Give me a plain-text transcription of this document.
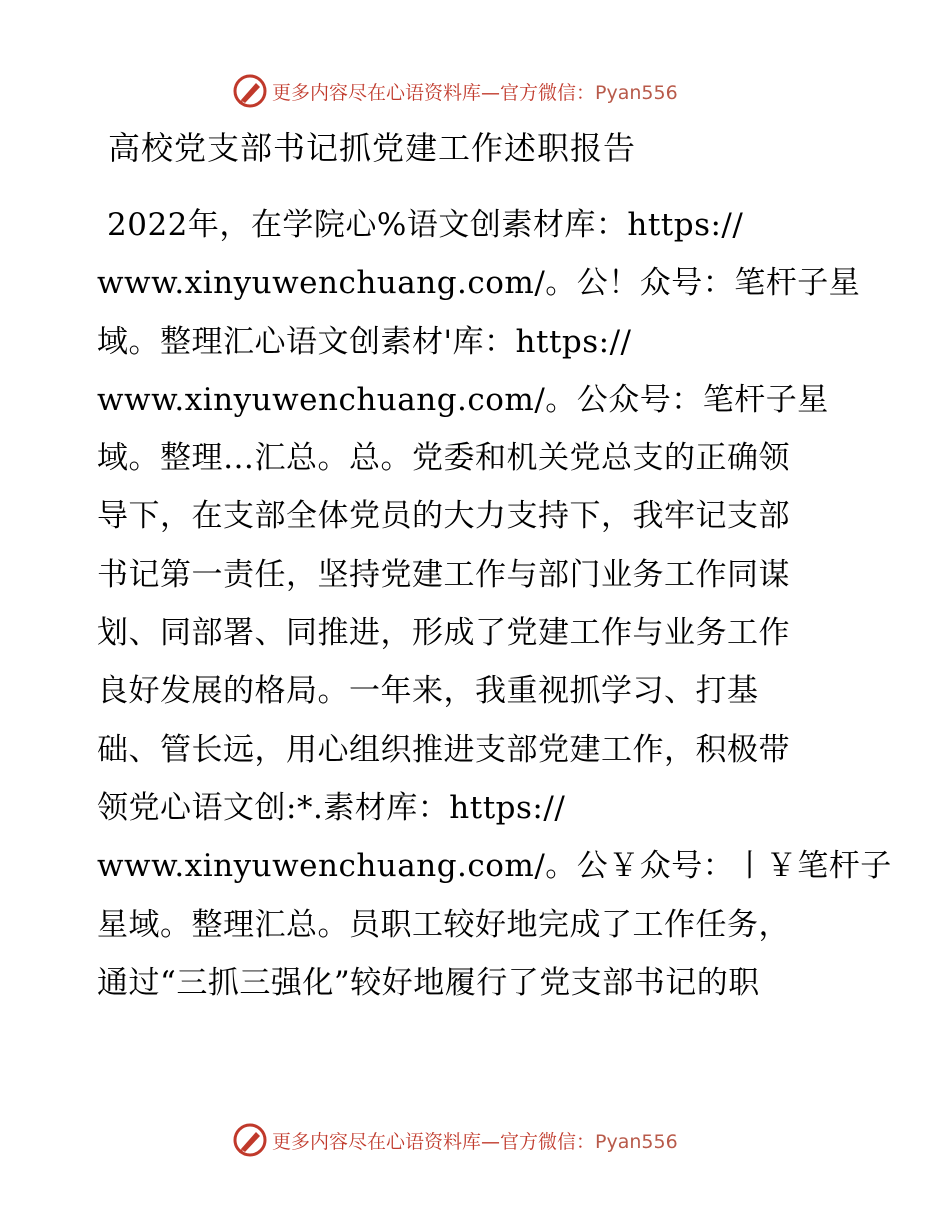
更多内容尽在心语资料库—官方微信：Pyan556
高校党支部书记抓党建工作述职报告
2022年，在学院心%语文创素材库：https://
www.xinyuwenchuang.com/。公！众号：笔杆子星
域。整理汇心语文创素材'库：https://
www.xinyuwenchuang.com/。公众号：笔杆子星
域。整理…汇总。总。党委和机关党总支的正确领
导下，在支部全体党员的大力支持下，我牢记支部
书记第一责任，坚持党建工作与部门业务工作同谋
划、同部署、同推进，形成了党建工作与业务工作
良好发展的格局。一年来，我重视抓学习、打基
础、管长远，用心组织推进支部党建工作，积极带
领党心语文创:*.素材库：https://
www.xinyuwenchuang.com/。公￥众号：丨￥笔杆子
星域。整理汇总。员职工较好地完成了工作任务，
通过“三抓三强化”较好地履行了党支部书记的职
更多内容尽在心语资料库—官方微信：Pyan556
